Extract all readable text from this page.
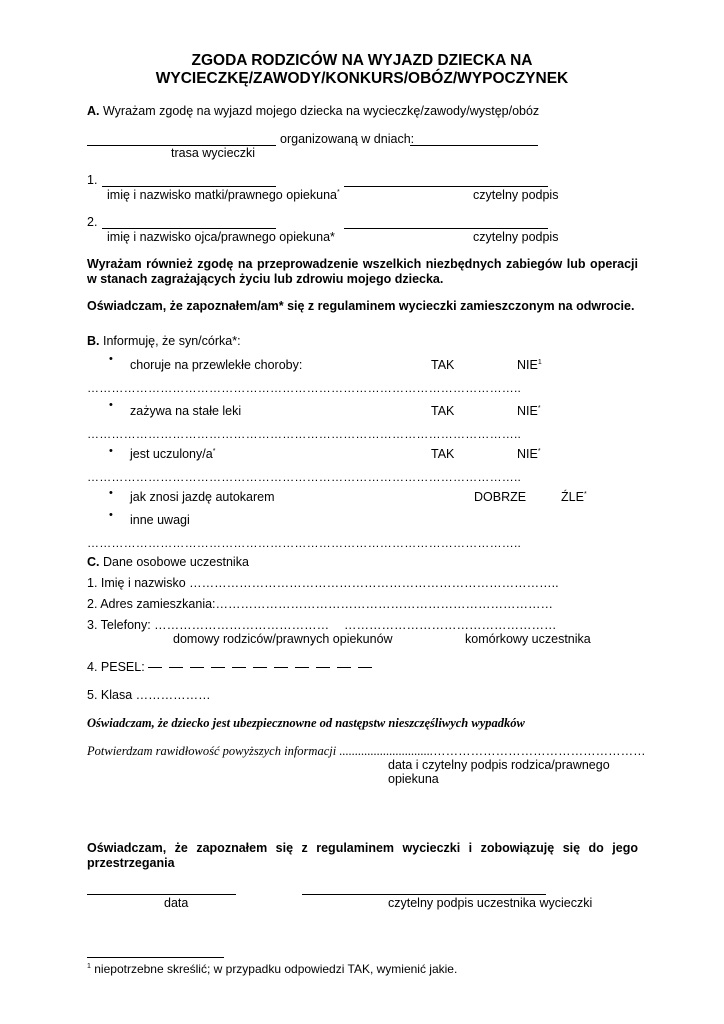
ZGODA RODZICÓW NA WYJAZD DZIECKA NA
WYCIECZKĘ/ZAWODY/KONKURS/OBÓZ/WYPOCZYNEK
A. Wyrażam zgodę na wyjazd mojego dziecka na wycieczkę/zawody/występ/obóz
organizowaną w dniach:
trasa wycieczki
1.
imię i nazwisko matki/prawnego opiekuna*	czytelny podpis
2.
imię i nazwisko ojca/prawnego opiekuna*	czytelny podpis
Wyrażam również zgodę na przeprowadzenie wszelkich niezbędnych zabiegów lub operacji w stanach zagrażających życiu lub zdrowiu mojego dziecka.
Oświadczam, że zapoznałem/am* się z regulaminem wycieczki zamieszczonym na odwrocie.
B. Informuję, że syn/córka*:
• choruje na przewlekłe choroby:	TAK	NIE$^1$
……………………………………………………………………………………………..
• zażywa na stałe leki	TAK	NIE*
……………………………………………………………………………………………..
• jest uczulony/a*	TAK	NIE*
……………………………………………………………………………………………..
• jak znosi jazdę autokarem	DOBRZE	ŹLE*
• inne uwagi
……………………………………………………………………………………………..
C. Dane osobowe uczestnika
1. Imię i nazwisko ……………………………………………………………………………..
2. Adres zamieszkania:………………………………………………………………………
3. Telefony: …………………………………… ……………………………………………
domowy rodziców/prawnych opiekunów	komórkowy uczestnika
4. PESEL:
5. Klasa ………………
Oświadczam, że dziecko jest ubezpiecznowne od następstw nieszczęśliwych wypadków
Potwierdzam rawidłowość powyższych informacji ..............................……………………………………………
data i czytelny podpis rodzica/prawnego
opiekuna
Oświadczam, że zapoznałem się z regulaminem wycieczki i zobowiązuję się do jego przestrzegania
data	czytelny podpis uczestnika wycieczki
$^1$ niepotrzebne skreślić; w przypadku odpowiedzi TAK, wymienić jakie.
